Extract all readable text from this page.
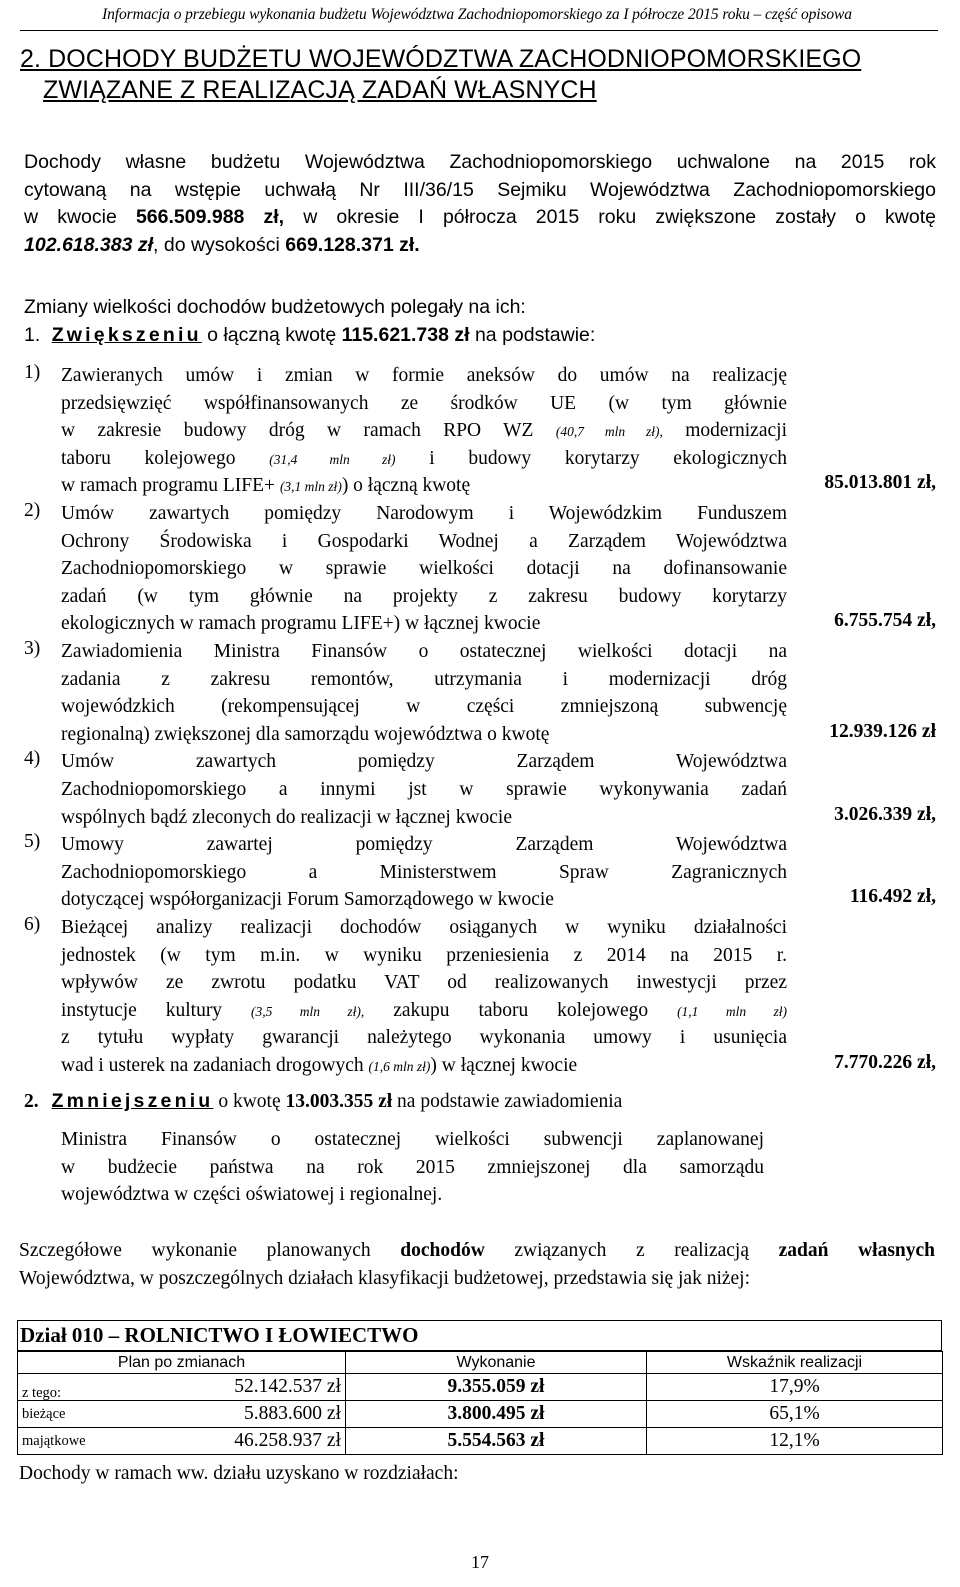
Informacja o przebiegu wykonania budżetu Województwa Zachodniopomorskiego za I półrocze 2015 roku – część opisowa
2. DOCHODY BUDŻETU WOJEWÓDZTWA ZACHODNIOPOMORSKIEGO
ZWIĄZANE Z REALIZACJĄ ZADAŃ WŁASNYCH
Dochody własne budżetu Województwa Zachodniopomorskiego uchwalone na 2015 rok
cytowaną na wstępie uchwałą Nr III/36/15 Sejmiku Województwa Zachodniopomorskiego
w kwocie 566.509.988 zł, w okresie I półrocza 2015 roku zwiększone zostały o kwotę
102.618.383 zł, do wysokości 669.128.371 zł.
Zmiany wielkości dochodów budżetowych polegały na ich:
1. Zwiększeniu o łączną kwotę 115.621.738 zł na podstawie:
1) Zawieranych umów i zmian w formie aneksów do umów na realizację
przedsięwzięć współfinansowanych ze środków UE (w tym głównie
w zakresie budowy dróg w ramach RPO WZ (40,7 mln zł), modernizacji
taboru kolejowego (31,4 mln zł) i budowy korytarzy ekologicznych
w ramach programu LIFE+ (3,1 mln zł)) o łączną kwotę	85.013.801 zł,
2) Umów zawartych pomiędzy Narodowym i Wojewódzkim Funduszem
Ochrony Środowiska i Gospodarki Wodnej a Zarządem Województwa
Zachodniopomorskiego w sprawie wielkości dotacji na dofinansowanie
zadań (w tym głównie na projekty z zakresu budowy korytarzy
ekologicznych w ramach programu LIFE+) w łącznej kwocie	6.755.754 zł,
3) Zawiadomienia Ministra Finansów o ostatecznej wielkości dotacji na
zadania z zakresu remontów, utrzymania i modernizacji dróg
wojewódzkich (rekompensującej w części zmniejszoną subwencję
regionalną) zwiększonej dla samorządu województwa o kwotę	12.939.126 zł
4) Umów zawartych pomiędzy Zarządem Województwa
Zachodniopomorskiego a innymi jst w sprawie wykonywania zadań
wspólnych bądź zleconych do realizacji w łącznej kwocie	3.026.339 zł,
5) Umowy zawartej pomiędzy Zarządem Województwa
Zachodniopomorskiego a Ministerstwem Spraw Zagranicznych
dotyczącej współorganizacji Forum Samorządowego w kwocie	116.492 zł,
6) Bieżącej analizy realizacji dochodów osiąganych w wyniku działalności
jednostek (w tym m.in. w wyniku przeniesienia z 2014 na 2015 r.
wpływów ze zwrotu podatku VAT od realizowanych inwestycji przez
instytucje kultury (3,5 mln zł), zakupu taboru kolejowego (1,1 mln zł)
z tytułu wypłaty gwarancji należytego wykonania umowy i usunięcia
wad i usterek na zadaniach drogowych (1,6 mln zł)) w łącznej kwocie	7.770.226 zł,
2. Zmniejszeniu o kwotę 13.003.355 zł na podstawie zawiadomienia
Ministra Finansów o ostatecznej wielkości subwencji zaplanowanej
w budżecie państwa na rok 2015 zmniejszonej dla samorządu
województwa w części oświatowej i regionalnej.
Szczegółowe wykonanie planowanych dochodów związanych z realizacją zadań własnych
Województwa, w poszczególnych działach klasyfikacji budżetowej, przedstawia się jak niżej:
Dział 010 – ROLNICTWO I ŁOWIECTWO
Plan po zmianach		Wykonanie	Wskaźnik realizacji
z tego:	52.142.537 zł	9.355.059 zł	17,9%
bieżące	5.883.600 zł	3.800.495 zł	65,1%
majątkowe	46.258.937 zł	5.554.563 zł	12,1%
Dochody w ramach ww. działu uzyskano w rozdziałach:
17
